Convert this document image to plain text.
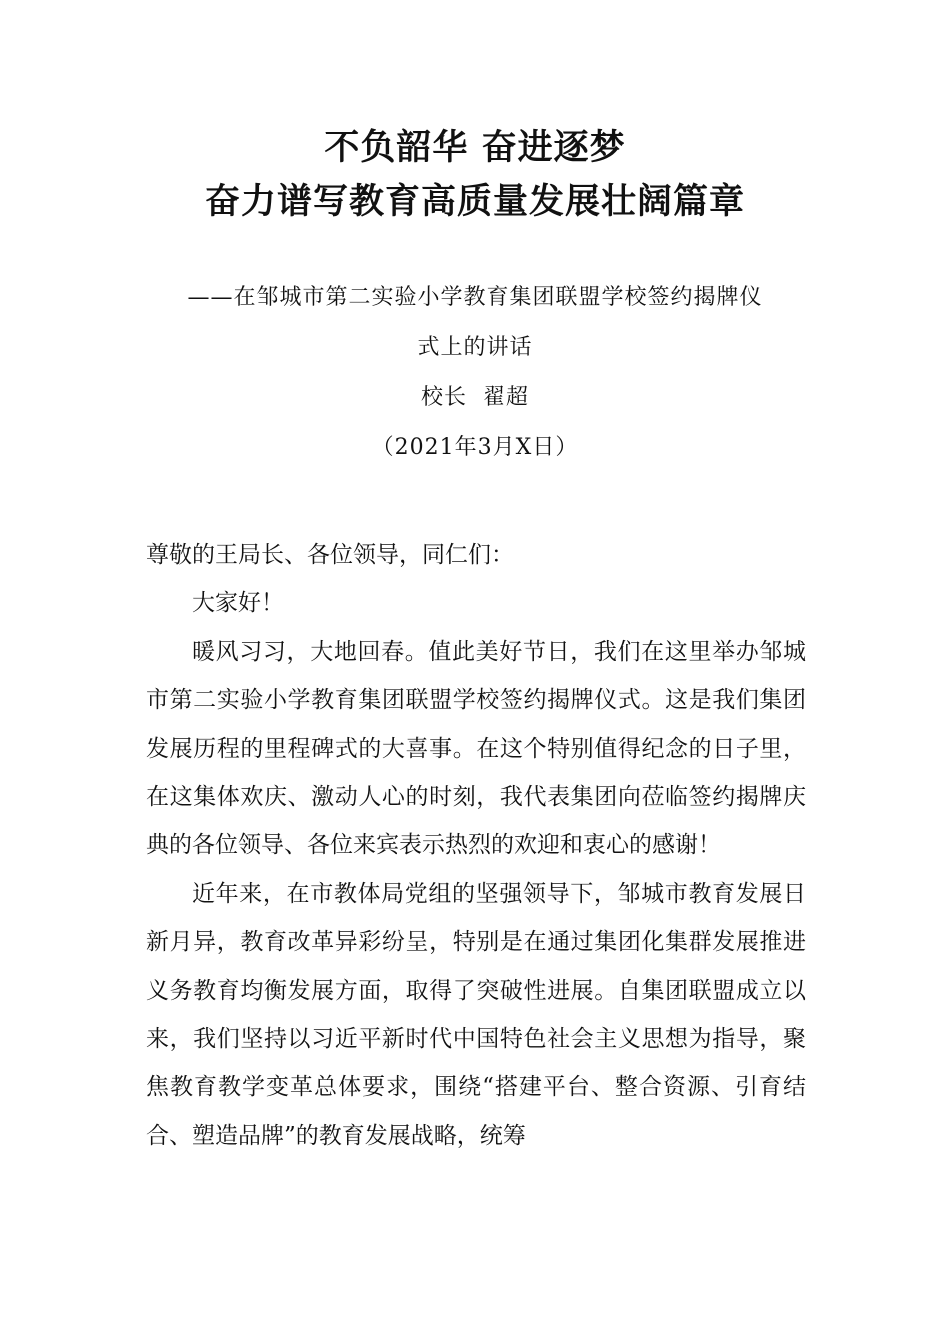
不负韶华 奋进逐梦
奋力谱写教育高质量发展壮阔篇章
——在邹城市第二实验小学教育集团联盟学校签约揭牌仪
式上的讲话
校长  翟超
（2021年3月X日）

尊敬的王局长、各位领导，同仁们：

大家好！

暖风习习，大地回春。值此美好节日，我们在这里举办邹城市第二实验小学教育集团联盟学校签约揭牌仪式。这是我们集团发展历程的里程碑式的大喜事。在这个特别值得纪念的日子里，在这集体欢庆、激动人心的时刻，我代表集团向莅临签约揭牌庆典的各位领导、各位来宾表示热烈的欢迎和衷心的感谢！

近年来，在市教体局党组的坚强领导下，邹城市教育发展日新月异，教育改革异彩纷呈，特别是在通过集团化集群发展推进义务教育均衡发展方面，取得了突破性进展。自集团联盟成立以来，我们坚持以习近平新时代中国特色社会主义思想为指导，聚焦教育教学变革总体要求，围绕“搭建平台、整合资源、引育结合、塑造品牌”的教育发展战略，统筹
